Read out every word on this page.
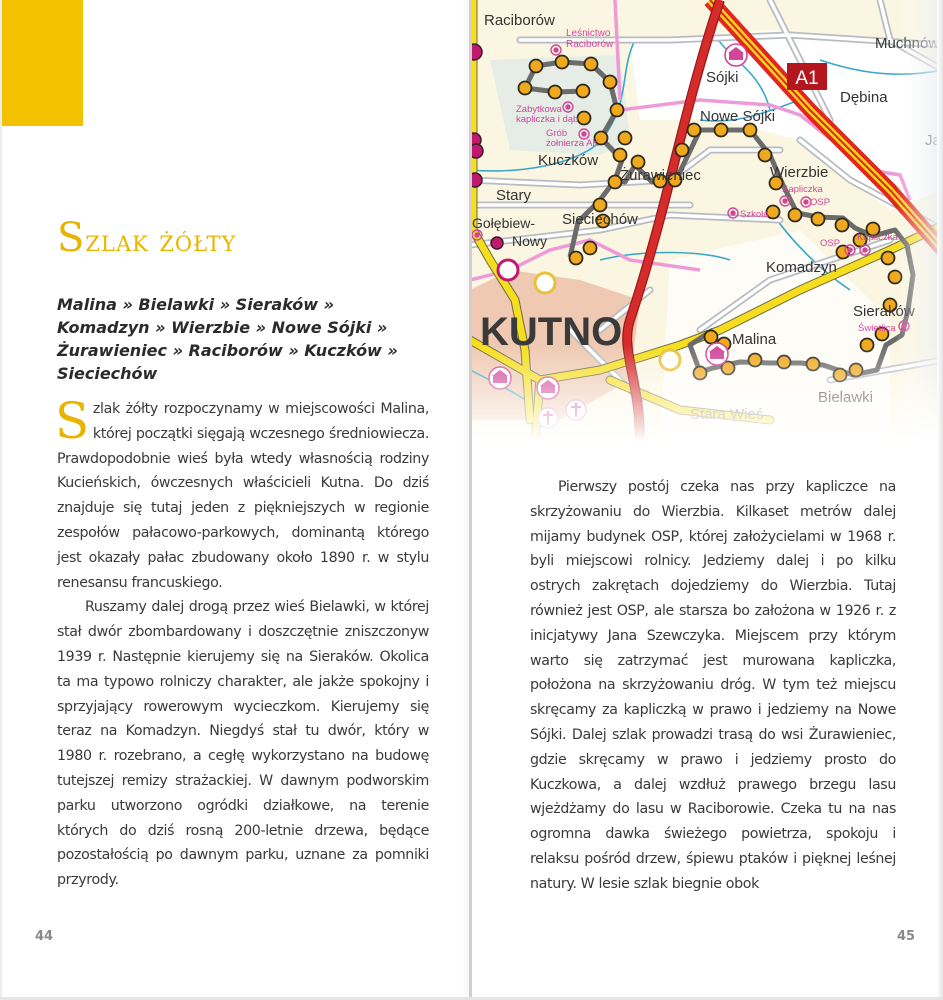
Szlak żółty

Malina » Bielawki » Sieraków » Komadzyn » Wierzbie » Nowe Sójki » Żurawieniec » Raciborów » Kuczków » Sieciechów

Szlak żółty rozpoczynamy w miejscowości Malina, której początki sięgają wczesnego średniowiecza. Prawdopodobnie wieś była wtedy własnością rodziny Kucieńskich, ówczesnych właścicieli Kutna. Do dziś znajduje się tutaj jeden z piękniejszych w regionie zespołów pałacowo-parkowych, dominantą którego jest okazały pałac zbudowany około 1890 r. w stylu renesansu francuskiego.

Ruszamy dalej drogą przez wieś Bielawki, w której stał dwór zbombardowany i doszczętnie zniszczonyw 1939 r. Następnie kierujemy się na Sieraków. Okolica ta ma typowo rolniczy charakter, ale jakże spokojny i sprzyjający rowerowym wycieczkom. Kierujemy się teraz na Komadzyn. Niegdyś stał tu dwór, który w 1980 r. rozebrano, a cegłę wykorzystano na budowę tutejszej remizy strażackiej. W dawnym podworskim parku utworzono ogródki działkowe, na terenie których do dziś rosną 200-letnie drzewa, będące pozostałością po dawnym parku, uznane za pomniki przyrody.

44	45

Pierwszy postój czeka nas przy kapliczce na skrzyżowaniu do Wierzbia. Kilkaset metrów dalej mijamy budynek OSP, której założycielami w 1968 r. byli miejscowi rolnicy. Jedziemy dalej i po kilku ostrych zakrętach dojedziemy do Wierzbia. Tutaj również jest OSP, ale starsza bo założona w 1926 r. z inicjatywy Jana Szewczyka. Miejscem przy którym warto się zatrzymać jest murowana kapliczka, położona na skrzyżowaniu dróg. W tym też miejscu skręcamy za kapliczką w prawo i jedziemy na Nowe Sójki. Dalej szlak prowadzi trasą do wsi Żurawieniec, gdzie skręcamy w prawo i jedziemy prosto do Kuczkowa, a dalej wzdłuż prawego brzegu lasu wjeżdżamy do lasu w Raciborowie. Czeka tu na nas ogromna dawka świeżego powietrza, spokoju i relaksu pośród drzew, śpiewu ptaków i pięknej leśnej natury. W lesie szlak biegnie obok
